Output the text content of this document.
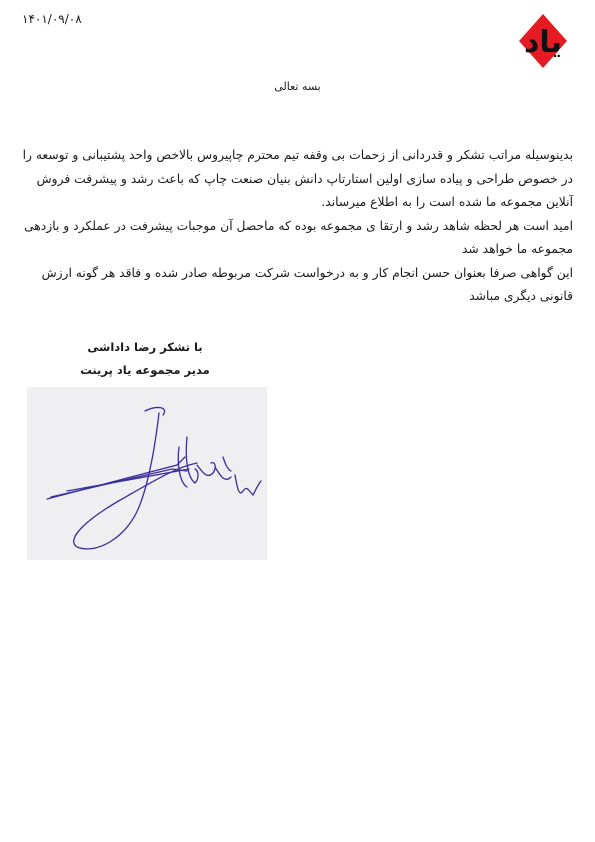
۱۴۰۱/۰۹/۰۸
یاد
بسه تعالی

بدینوسیله مراتب تشکر و قدردانی از زحمات بی وقفه تیم محترم چاپیروس بالاخص واحد پشتیبانی و توسعه را در خصوص طراحی و پیاده سازی اولین استارتاپ دانش بنیان صنعت چاپ که باعث رشد و پیشرفت فروش آنلاین مجموعه ما شده است را به اطلاع میرساند.

امید است هر لحظه شاهد رشد و ارتقا ی مجموعه بوده که ماحصل آن موجبات پیشرفت در عملکرد و بازدهی مجموعه ما خواهد شد

این گواهی صرفا بعنوان حسن انجام کار و به درخواست شرکت مربوطه صادر شده و فاقد هر گونه ارزش قانونی دیگری مباشد

با تشکر رضا داداشی
مدیر مجموعه یاد پرینت
